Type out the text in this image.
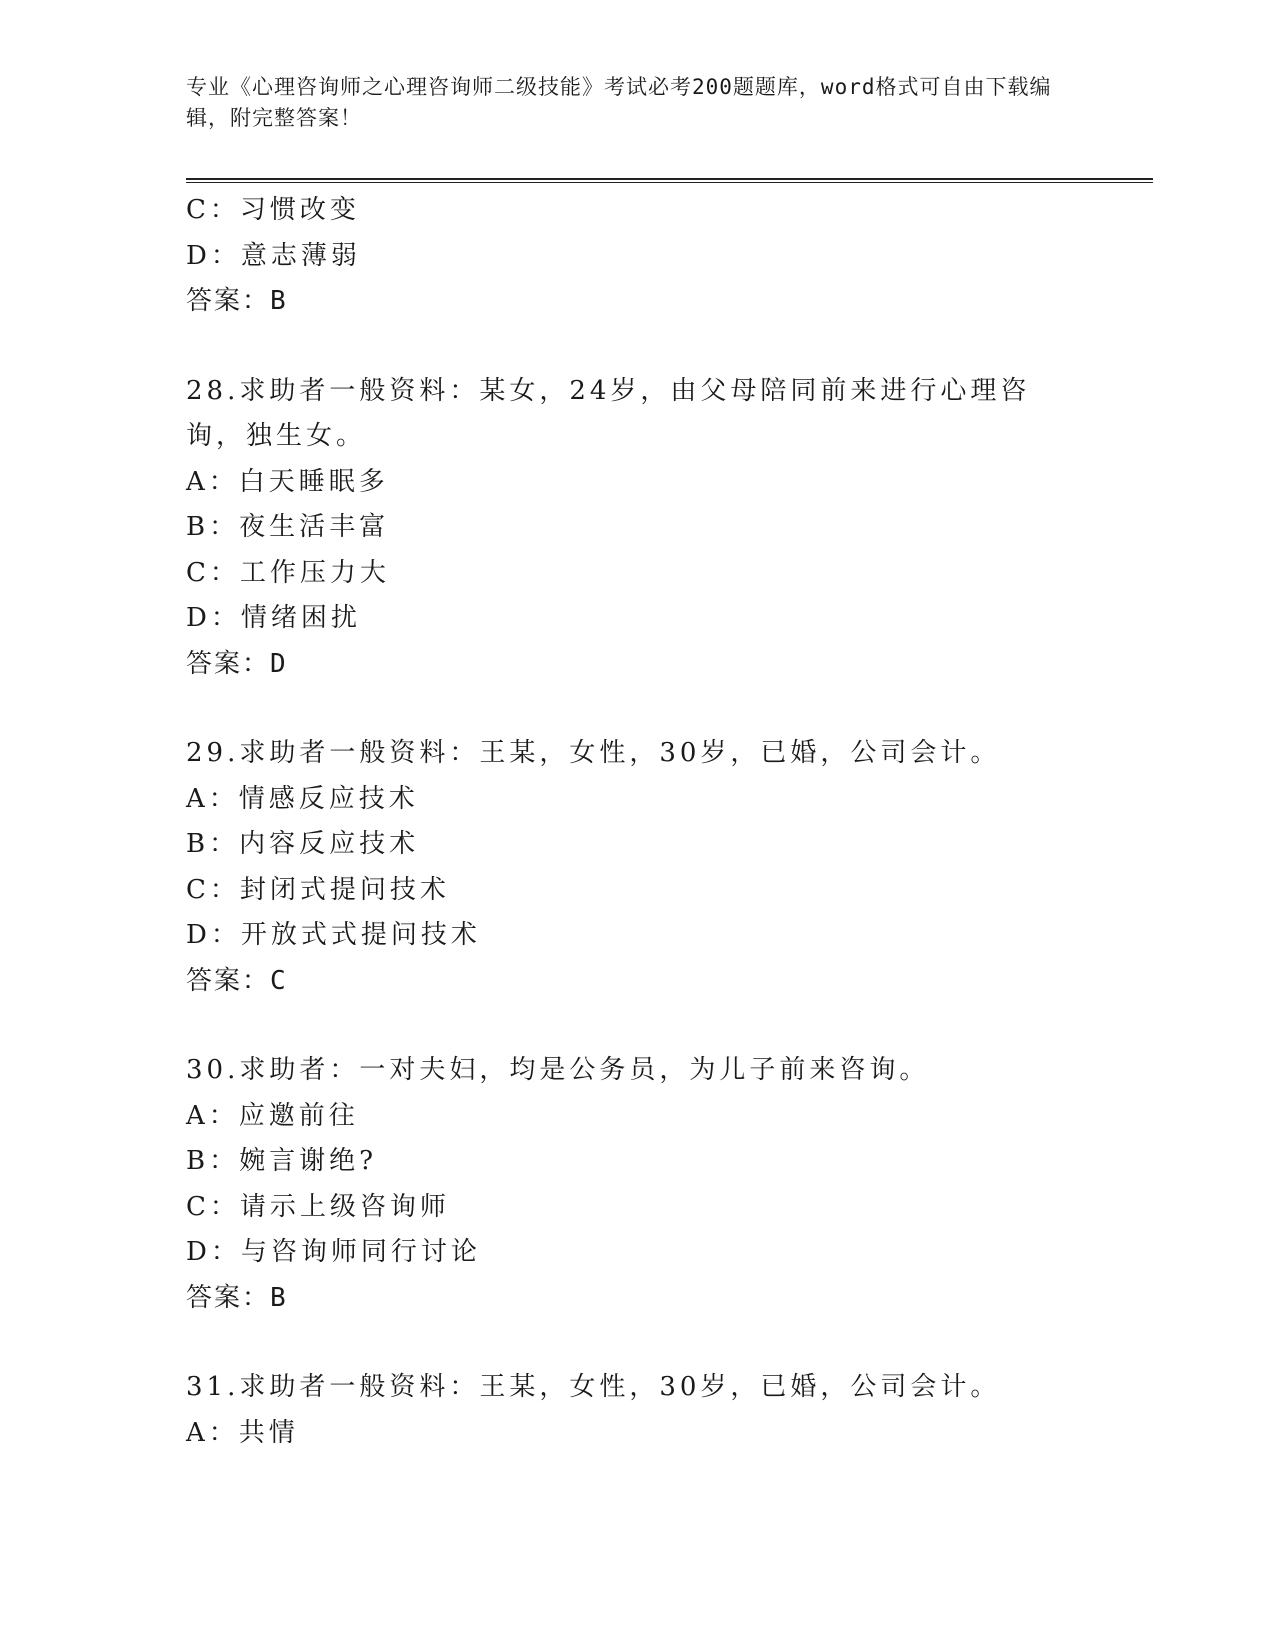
专业《心理咨询师之心理咨询师二级技能》考试必考200题题库，word格式可自由下载编辑，附完整答案！
C：习惯改变
D：意志薄弱
答案：B
28.求助者一般资料：某女，24岁，由父母陪同前来进行心理咨询，独生女。
A：白天睡眠多
B：夜生活丰富
C：工作压力大
D：情绪困扰
答案：D
29.求助者一般资料：王某，女性，30岁，已婚，公司会计。
A：情感反应技术
B：内容反应技术
C：封闭式提问技术
D：开放式式提问技术
答案：C
30.求助者：一对夫妇，均是公务员，为儿子前来咨询。
A：应邀前往
B：婉言谢绝?
C：请示上级咨询师
D：与咨询师同行讨论
答案：B
31.求助者一般资料：王某，女性，30岁，已婚，公司会计。
A：共情
